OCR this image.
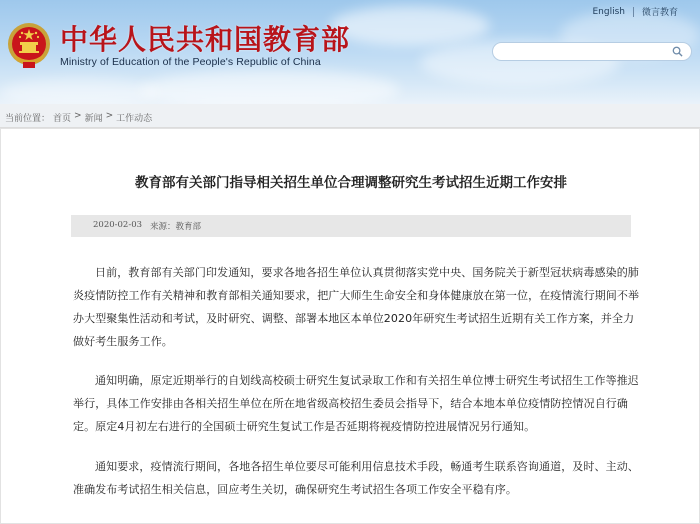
中华人民共和国教育部
Ministry of Education of the People's Republic of China
English	微言教育
当前位置： 首页 > 新闻 > 工作动态
教育部有关部门指导相关招生单位合理调整研究生考试招生近期工作安排
2020-02-03 来源：教育部

日前，教育部有关部门印发通知，要求各地各招生单位认真贯彻落实党中央、国务院关于新型冠状病毒感染的肺炎疫情防控工作有关精神和教育部相关通知要求，把广大师生生命安全和身体健康放在第一位，在疫情流行期间不举办大型聚集性活动和考试，及时研究、调整、部署本地区本单位2020年研究生考试招生近期有关工作方案，并全力做好考生服务工作。

通知明确，原定近期举行的自划线高校硕士研究生复试录取工作和有关招生单位博士研究生考试招生工作等推迟举行，具体工作安排由各相关招生单位在所在地省级高校招生委员会指导下，结合本地本单位疫情防控情况自行确定。原定4月初左右进行的全国硕士研究生复试工作是否延期将视疫情防控进展情况另行通知。

通知要求，疫情流行期间，各地各招生单位要尽可能利用信息技术手段，畅通考生联系咨询通道，及时、主动、准确发布考试招生相关信息，回应考生关切，确保研究生考试招生各项工作安全平稳有序。
